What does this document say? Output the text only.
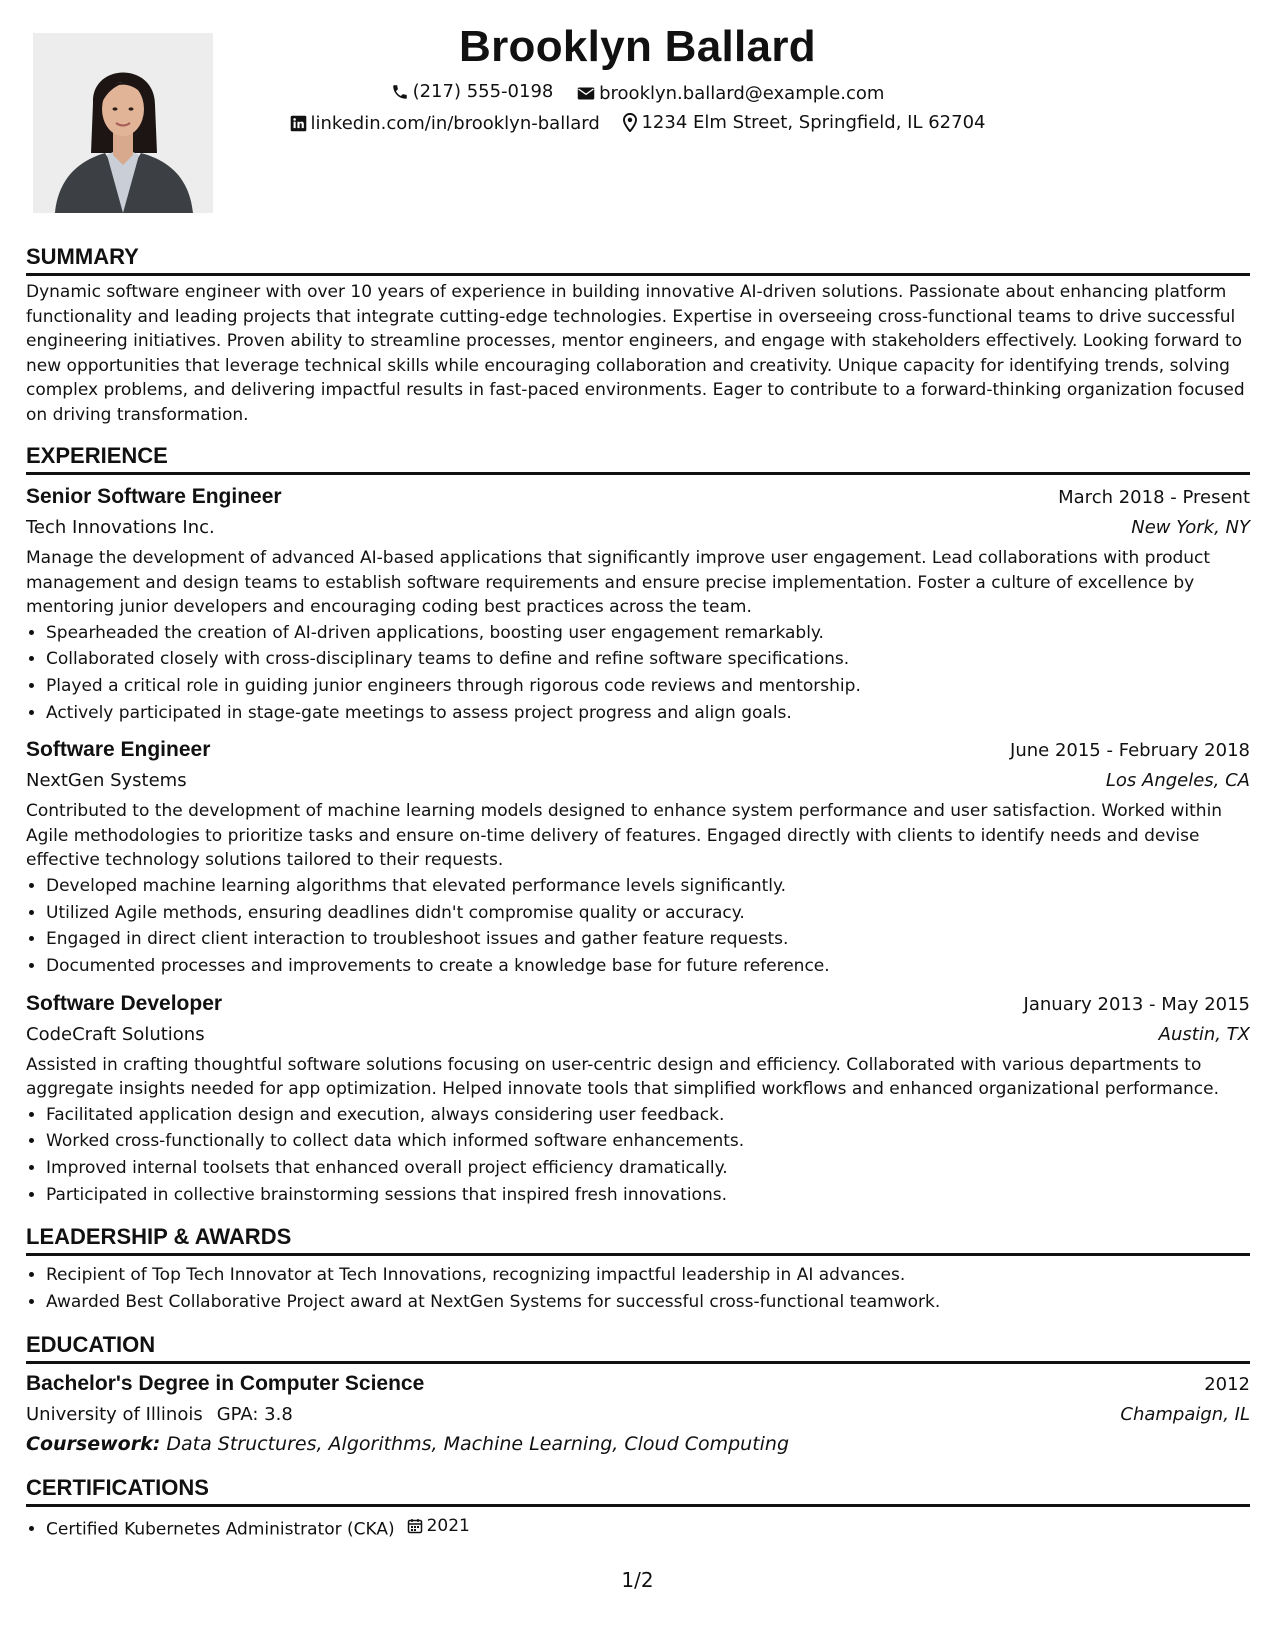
Brooklyn Ballard
(217) 555-0198
	brooklyn.ballard@example.com
linkedin.com/in/brooklyn-ballard
1234 Elm Street, Springfield, IL 62704
SUMMARY

Dynamic software engineer with over 10 years of experience in building innovative AI-driven solutions. Passionate about enhancing platform functionality and leading projects that integrate cutting-edge technologies. Expertise in overseeing cross-functional teams to drive successful engineering initiatives. Proven ability to streamline processes, mentor engineers, and engage with stakeholders effectively. Looking forward to new opportunities that leverage technical skills while encouraging collaboration and creativity. Unique capacity for identifying trends, solving complex problems, and delivering impactful results in fast-paced environments. Eager to contribute to a forward-thinking organization focused on driving transformation.

EXPERIENCE
Senior Software Engineer	March 2018 - Present
Tech Innovations Inc.	New York, NY

Manage the development of advanced AI-based applications that significantly improve user engagement. Lead collaborations with product management and design teams to establish software requirements and ensure precise implementation. Foster a culture of excellence by mentoring junior developers and encouraging coding best practices across the team.

• Spearheaded the creation of AI-driven applications, boosting user engagement remarkably.
• Collaborated closely with cross-disciplinary teams to define and refine software specifications.
• Played a critical role in guiding junior engineers through rigorous code reviews and mentorship.
• Actively participated in stage-gate meetings to assess project progress and align goals.
Software Engineer	June 2015 - February 2018
NextGen Systems	Los Angeles, CA

Contributed to the development of machine learning models designed to enhance system performance and user satisfaction. Worked within Agile methodologies to prioritize tasks and ensure on-time delivery of features. Engaged directly with clients to identify needs and devise effective technology solutions tailored to their requests.

• Developed machine learning algorithms that elevated performance levels significantly.
• Utilized Agile methods, ensuring deadlines didn't compromise quality or accuracy.
• Engaged in direct client interaction to troubleshoot issues and gather feature requests.
• Documented processes and improvements to create a knowledge base for future reference.
Software Developer	January 2013 - May 2015
CodeCraft Solutions	Austin, TX

Assisted in crafting thoughtful software solutions focusing on user-centric design and efficiency. Collaborated with various departments to aggregate insights needed for app optimization. Helped innovate tools that simplified workflows and enhanced organizational performance.

• Facilitated application design and execution, always considering user feedback.
• Worked cross-functionally to collect data which informed software enhancements.
• Improved internal toolsets that enhanced overall project efficiency dramatically.
• Participated in collective brainstorming sessions that inspired fresh innovations.
LEADERSHIP & AWARDS
• Recipient of Top Tech Innovator at Tech Innovations, recognizing impactful leadership in AI advances.
• Awarded Best Collaborative Project award at NextGen Systems for successful cross-functional teamwork.
EDUCATION
Bachelor's Degree in Computer Science	2012
University of Illinois GPA: 3.8	Champaign, IL
Coursework: Data Structures, Algorithms, Machine Learning, Cloud Computing
CERTIFICATIONS
• Certified Kubernetes Administrator (CKA) 2021
1/2
